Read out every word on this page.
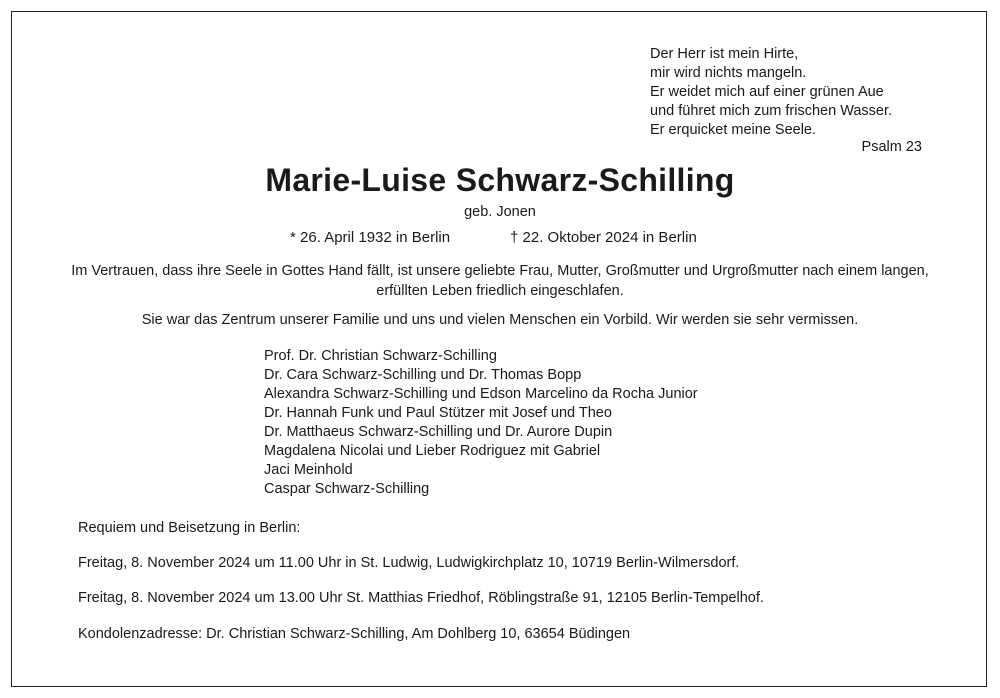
Der Herr ist mein Hirte,
mir wird nichts mangeln.
Er weidet mich auf einer grünen Aue
und führet mich zum frischen Wasser.
Er erquicket meine Seele.
Psalm 23
Marie-Luise Schwarz-Schilling
geb. Jonen
* 26. April 1932 in Berlin	† 22. Oktober 2024 in Berlin
Im Vertrauen, dass ihre Seele in Gottes Hand fällt, ist unsere geliebte Frau, Mutter, Großmutter und Urgroßmutter nach einem langen, erfüllten Leben friedlich eingeschlafen.
Sie war das Zentrum unserer Familie und uns und vielen Menschen ein Vorbild. Wir werden sie sehr vermissen.
Prof. Dr. Christian Schwarz-Schilling
Dr. Cara Schwarz-Schilling und Dr. Thomas Bopp
Alexandra Schwarz-Schilling und Edson Marcelino da Rocha Junior
Dr. Hannah Funk und Paul Stützer mit Josef und Theo
Dr. Matthaeus Schwarz-Schilling und Dr. Aurore Dupin
Magdalena Nicolai und Lieber Rodriguez mit Gabriel
Jaci Meinhold
Caspar Schwarz-Schilling
Requiem und Beisetzung in Berlin:
Freitag, 8. November 2024 um 11.00 Uhr in St. Ludwig, Ludwigkirchplatz 10, 10719 Berlin-Wilmersdorf.
Freitag, 8. November 2024 um 13.00 Uhr St. Matthias Friedhof, Röblingstraße 91, 12105 Berlin-Tempelhof.
Kondolenzadresse: Dr. Christian Schwarz-Schilling, Am Dohlberg 10, 63654 Büdingen
